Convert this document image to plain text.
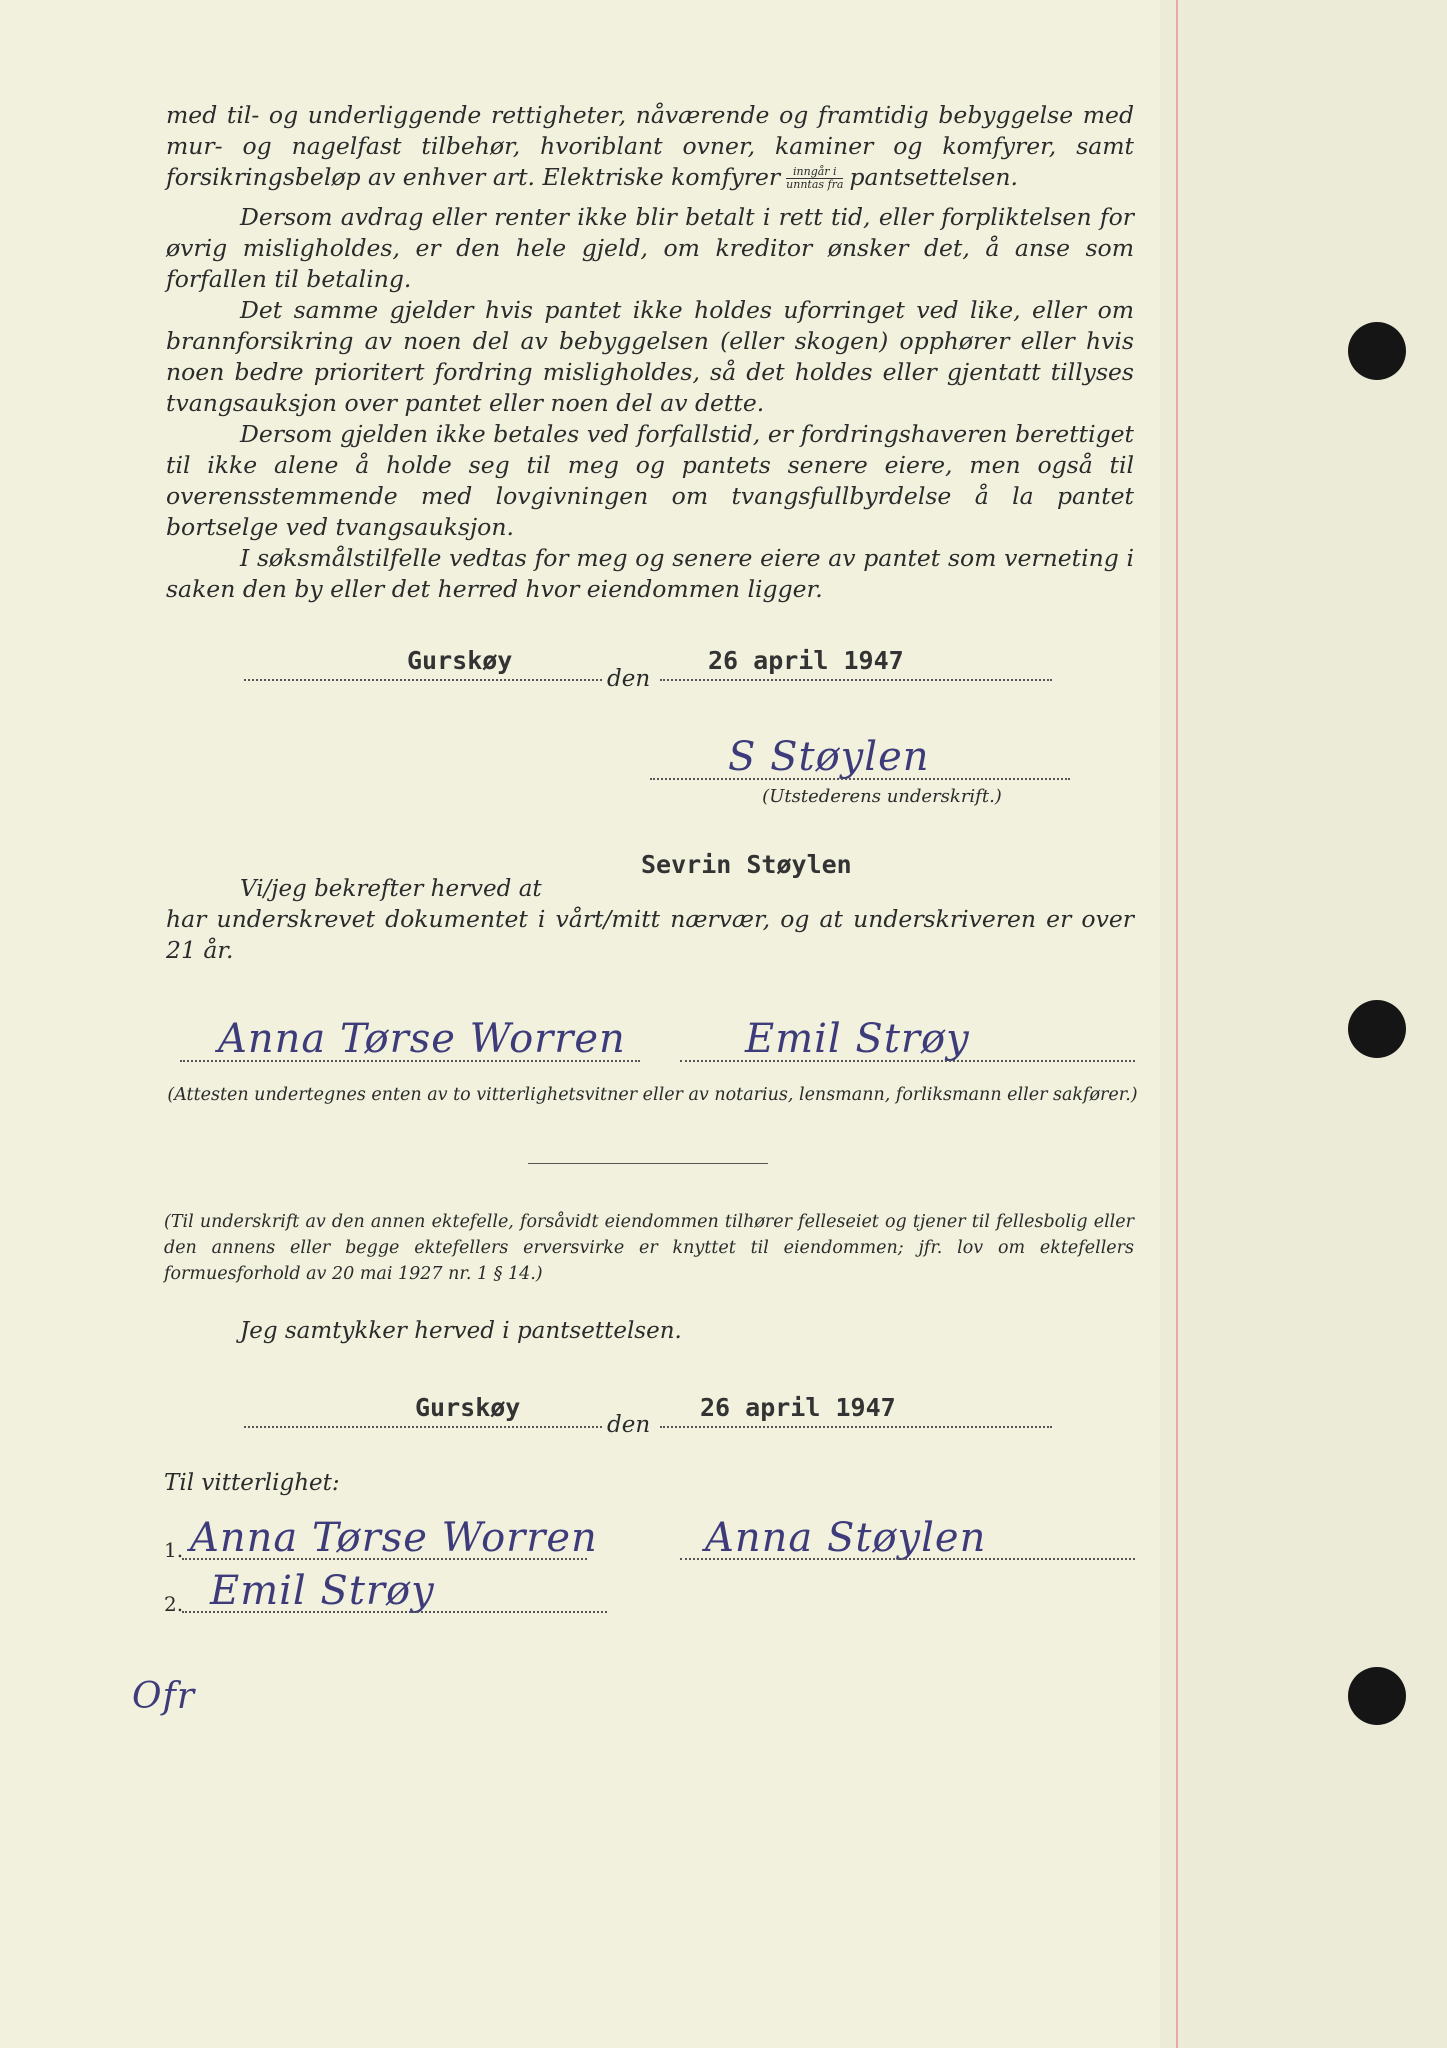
med til- og underliggende rettigheter, nåværende og framtidig bebyggelse med mur- og nagelfast tilbehør, hvoriblant ovner, kaminer og komfyrer, samt forsikringsbeløp av enhver art. Elektriske komfyrer $\frac{\text{inngår i}}{\text{unntas fra}}$ pantsettelsen.

Dersom avdrag eller renter ikke blir betalt i rett tid, eller forpliktelsen for øvrig misligholdes, er den hele gjeld, om kreditor ønsker det, å anse som forfallen til betaling.

Det samme gjelder hvis pantet ikke holdes uforringet ved like, eller om brannforsikring av noen del av bebyggelsen (eller skogen) opphører eller hvis noen bedre prioritert fordring misligholdes, så det holdes eller gjentatt tillyses tvangsauksjon over pantet eller noen del av dette.

Dersom gjelden ikke betales ved forfallstid, er fordringshaveren berettiget til ikke alene å holde seg til meg og pantets senere eiere, men også til overensstemmende med lovgivningen om tvangsfullbyrdelse å la pantet bortselge ved tvangsauksjon.

I søksmålstilfelle vedtas for meg og senere eiere av pantet som verneting i saken den by eller det herred hvor eiendommen ligger.

Gurskøy	26 april 1947
den
S Støylen
(Utstederens underskrift.)
Vi/jeg bekrefter herved at
Sevrin Støylen

har underskrevet dokumentet i vårt/mitt nærvær, og at underskriveren er over 21 år.

Anna Tørse Worren	Emil Strøy

(Attesten undertegnes enten av to vitterlighetsvitner eller av notarius, lensmann, forliksmann eller sakfører.)

(Til underskrift av den annen ektefelle, forsåvidt eiendommen tilhører felleseiet og tjener til fellesbolig eller den annens eller begge ektefellers erversvirke er knyttet til eiendommen; jfr. lov om ektefellers formuesforhold av 20 mai 1927 nr. 1 § 14.)

Jeg samtykker herved i pantsettelsen.
Gurskøy	26 april 1947
den
Til vitterlighet:
1.
2.
Anna Tørse Worren
Emil Strøy
Anna Støylen
Ofr
